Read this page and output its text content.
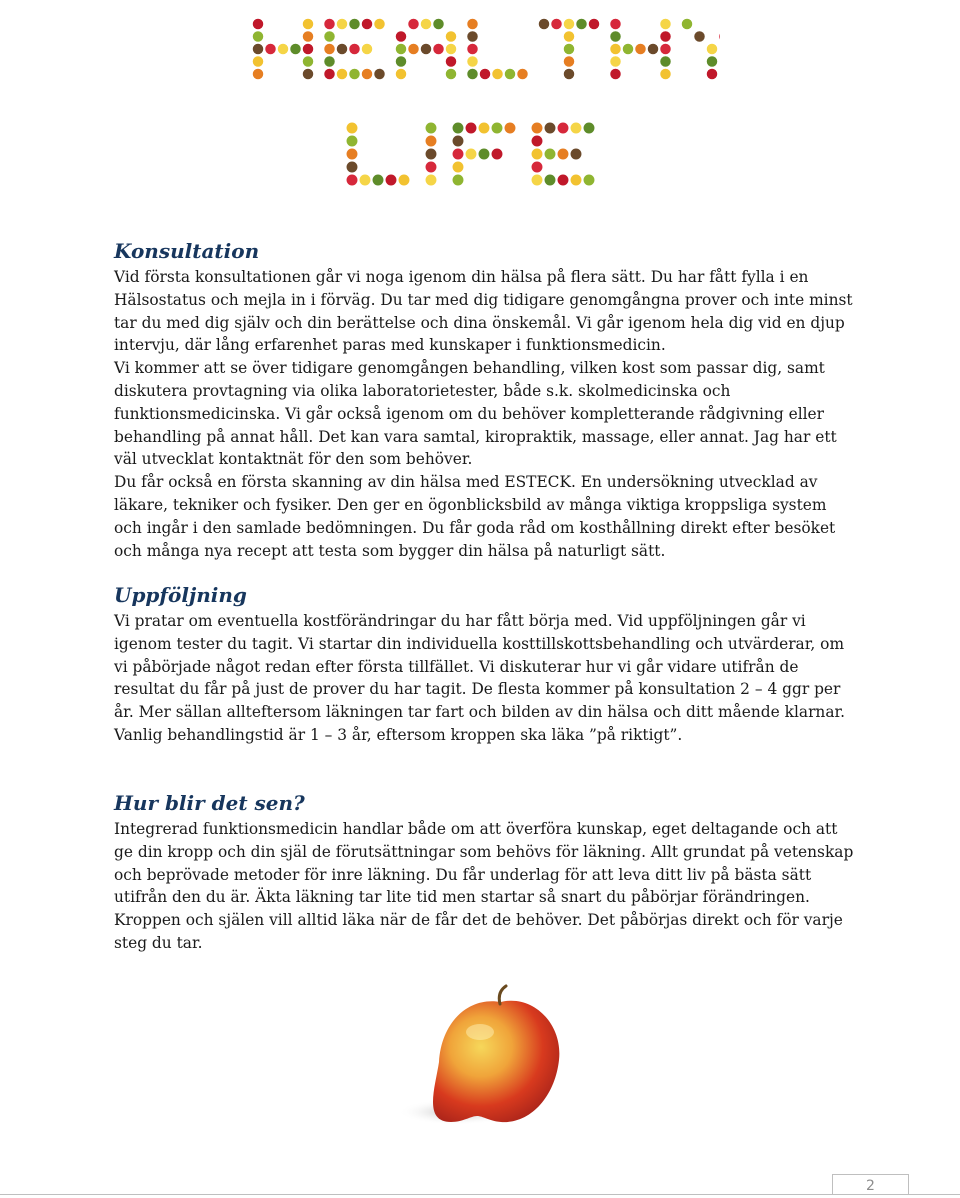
Konsultation

Vid första konsultationen går vi noga igenom din hälsa på flera sätt. Du har fått fylla i en Hälsostatus och mejla in i förväg. Du tar med dig tidigare genomgångna prover och inte minst tar du med dig själv och din berättelse och dina önskemål. Vi går igenom hela dig vid en djup intervju, där lång erfarenhet paras med kunskaper i funktionsmedicin.

Vi kommer att se över tidigare genomgången behandling, vilken kost som passar dig, samt diskutera provtagning via olika laboratorietester, både s.k. skolmedicinska och funktionsmedicinska. Vi går också igenom om du behöver kompletterande rådgivning eller behandling på annat håll. Det kan vara samtal, kiropraktik, massage, eller annat. Jag har ett väl utvecklat kontaktnät för den som behöver.

Du får också en första skanning av din hälsa med ESTECK. En undersökning utvecklad av läkare, tekniker och fysiker. Den ger en ögonblicksbild av många viktiga kroppsliga system och ingår i den samlade bedömningen. Du får goda råd om kosthållning direkt efter besöket och många nya recept att testa som bygger din hälsa på naturligt sätt.

Uppföljning

Vi pratar om eventuella kostförändringar du har fått börja med. Vid uppföljningen går vi igenom tester du tagit. Vi startar din individuella kosttillskottsbehandling och utvärderar, om vi påbörjade något redan efter första tillfället. Vi diskuterar hur vi går vidare utifrån de resultat du får på just de prover du har tagit. De flesta kommer på konsultation 2 – 4 ggr per år. Mer sällan allteftersom läkningen tar fart och bilden av din hälsa och ditt mående klarnar. Vanlig behandlingstid är 1 – 3 år, eftersom kroppen ska läka ”på riktigt”.

Hur blir det sen?

Integrerad funktionsmedicin handlar både om att överföra kunskap, eget deltagande och att ge din kropp och din själ de förutsättningar som behövs för läkning. Allt grundat på vetenskap och beprövade metoder för inre läkning. Du får underlag för att leva ditt liv på bästa sätt utifrån den du är. Äkta läkning tar lite tid men startar så snart du påbörjar förändringen. Kroppen och själen vill alltid läka när de får det de behöver. Det påbörjas direkt och för varje steg du tar.

2
